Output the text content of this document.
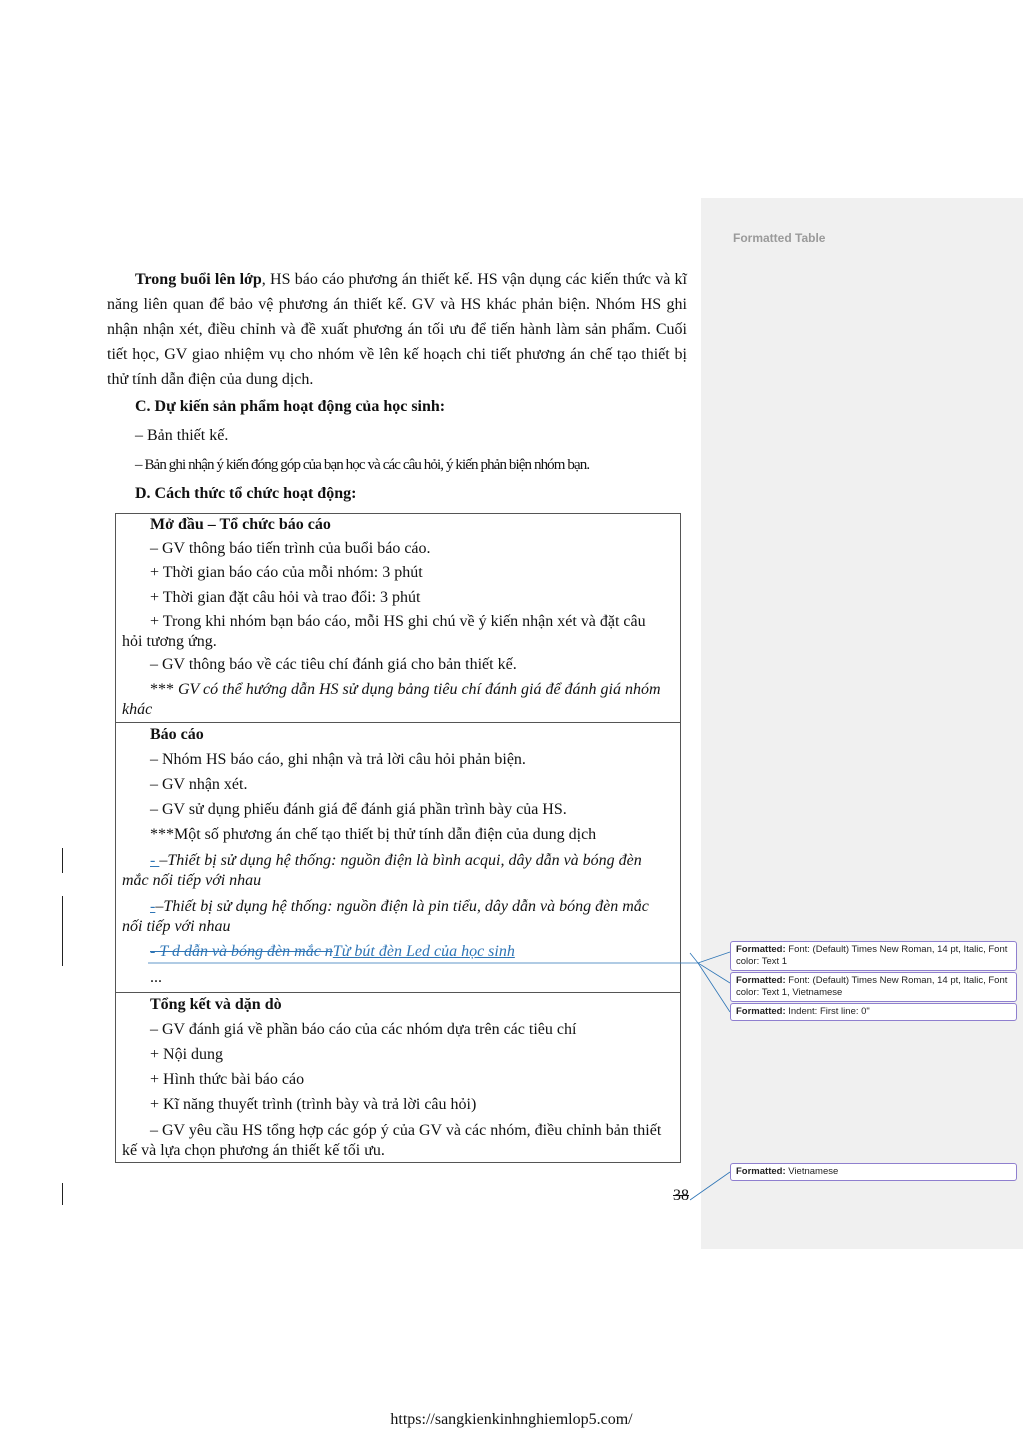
Formatted Table
Trong buổi lên lớp, HS báo cáo phương án thiết kế. HS vận dụng các kiến thức và kĩ năng liên quan để bảo vệ phương án thiết kế. GV và HS khác phản biện. Nhóm HS ghi nhận nhận xét, điều chỉnh và đề xuất phương án tối ưu để tiến hành làm sản phẩm. Cuối tiết học, GV giao nhiệm vụ cho nhóm về lên kế hoạch chi tiết phương án chế tạo thiết bị thử tính dẫn điện của dung dịch.
C. Dự kiến sản phẩm hoạt động của học sinh:
– Bản thiết kế.
– Bản ghi nhận ý kiến đóng góp của bạn học và các câu hỏi, ý kiến phản biện nhóm bạn.
D. Cách thức tổ chức hoạt động:
Mở đầu – Tổ chức báo cáo
– GV thông báo tiến trình của buổi báo cáo.
+ Thời gian báo cáo của mỗi nhóm: 3 phút
+ Thời gian đặt câu hỏi và trao đổi: 3 phút
+ Trong khi nhóm bạn báo cáo, mỗi HS ghi chú về ý kiến nhận xét và đặt câu hỏi tương ứng.
– GV thông báo về các tiêu chí đánh giá cho bản thiết kế.
*** GV có thể hướng dẫn HS sử dụng bảng tiêu chí đánh giá để đánh giá nhóm khác
Báo cáo
– Nhóm HS báo cáo, ghi nhận và trả lời câu hỏi phản biện.
– GV nhận xét.
– GV sử dụng phiếu đánh giá để đánh giá phần trình bày của HS.
***Một số phương án chế tạo thiết bị thử tính dẫn điện của dung dịch
- –Thiết bị sử dụng hệ thống: nguồn điện là bình acqui, dây dẫn và bóng đèn mắc nối tiếp với nhau
-–Thiết bị sử dụng hệ thống: nguồn điện là pin tiểu, dây dẫn và bóng đèn mắc nối tiếp với nhau
- T d dẫn và bóng đèn mắc nTừ bút đèn Led của học sinh
...
Tổng kết và dặn dò
– GV đánh giá về phần báo cáo của các nhóm dựa trên các tiêu chí
+ Nội dung
+ Hình thức bài báo cáo
+ Kĩ năng thuyết trình (trình bày và trả lời câu hỏi)
– GV yêu cầu HS tổng hợp các góp ý của GV và các nhóm, điều chỉnh bản thiết kế và lựa chọn phương án thiết kế tối ưu.
Formatted: Font: (Default) Times New Roman, 14 pt, Italic, Font color: Text 1
Formatted: Font: (Default) Times New Roman, 14 pt, Italic, Font color: Text 1, Vietnamese
Formatted: Indent: First line: 0"
Formatted: Vietnamese
38
https://sangkienkinhnghiemlop5.com/
